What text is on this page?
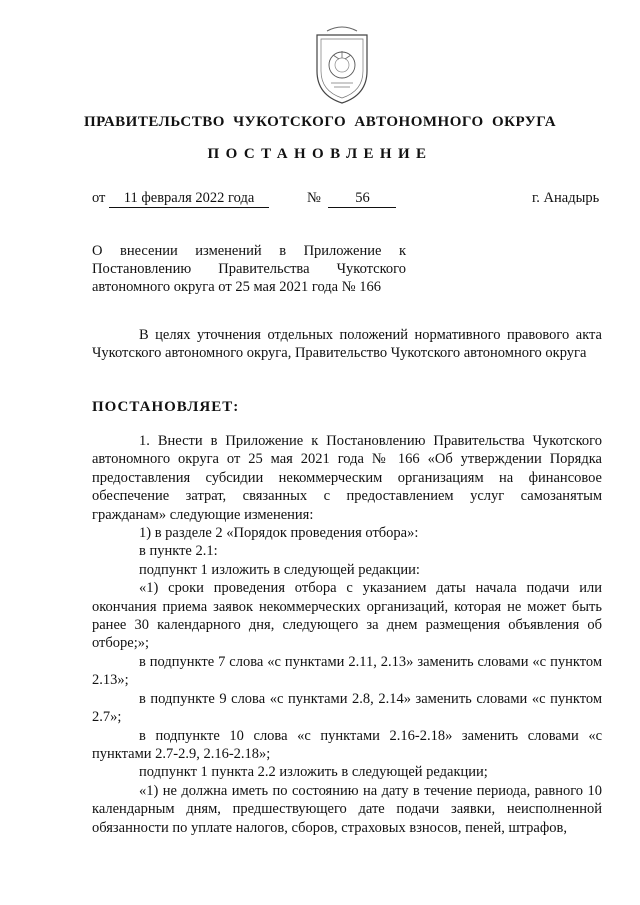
ПРАВИТЕЛЬСТВО ЧУКОТСКОГО АВТОНОМНОГО ОКРУГА
ПОСТАНОВЛЕНИЕ
от 11 февраля 2022 года	№ 56	г. Анадырь
О внесении изменений в Приложение к Постановлению Правительства Чукотского автономного округа от 25 мая 2021 года № 166
В целях уточнения отдельных положений нормативного правового акта Чукотского автономного округа, Правительство Чукотского автономного округа
ПОСТАНОВЛЯЕТ:
1. Внести в Приложение к Постановлению Правительства Чукотского автономного округа от 25 мая 2021 года № 166 «Об утверждении Порядка предоставления субсидии некоммерческим организациям на финансовое обеспечение затрат, связанных с предоставлением услуг самозанятым гражданам» следующие изменения:
1) в разделе 2 «Порядок проведения отбора»:
в пункте 2.1:
подпункт 1 изложить в следующей редакции:
«1) сроки проведения отбора с указанием даты начала подачи или окончания приема заявок некоммерческих организаций, которая не может быть ранее 30 календарного дня, следующего за днем размещения объявления об отборе;»;
в подпункте 7 слова «с пунктами 2.11, 2.13» заменить словами «с пунктом 2.13»;
в подпункте 9 слова «с пунктами 2.8, 2.14» заменить словами «с пунктом 2.7»;
в подпункте 10 слова «с пунктами 2.16-2.18» заменить словами «с пунктами 2.7-2.9, 2.16-2.18»;
подпункт 1 пункта 2.2 изложить в следующей редакции;
«1) не должна иметь по состоянию на дату в течение периода, равного 10 календарным дням, предшествующего дате подачи заявки, неисполненной обязанности по уплате налогов, сборов, страховых взносов, пеней, штрафов,
